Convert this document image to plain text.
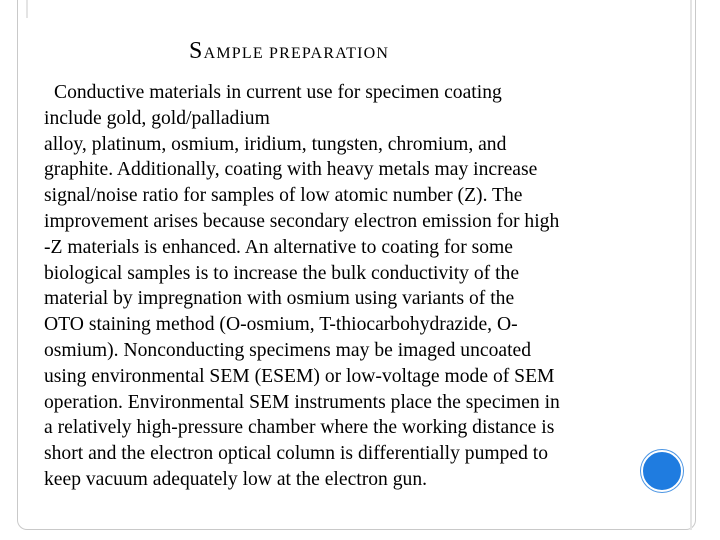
SAMPLE PREPARATION

Conductive materials in current use for specimen coating

include gold, gold/palladium

alloy, platinum, osmium, iridium, tungsten, chromium, and

graphite. Additionally, coating with heavy metals may increase

signal/noise ratio for samples of low atomic number (Z). The

improvement arises because secondary electron emission for high

-Z materials is enhanced. An alternative to coating for some

biological samples is to increase the bulk conductivity of the

material by impregnation with osmium using variants of the

OTO staining method (O-osmium, T-thiocarbohydrazide, O-

osmium). Nonconducting specimens may be imaged uncoated

using environmental SEM (ESEM) or low-voltage mode of SEM

operation. Environmental SEM instruments place the specimen in

a relatively high-pressure chamber where the working distance is

short and the electron optical column is differentially pumped to

keep vacuum adequately low at the electron gun.
